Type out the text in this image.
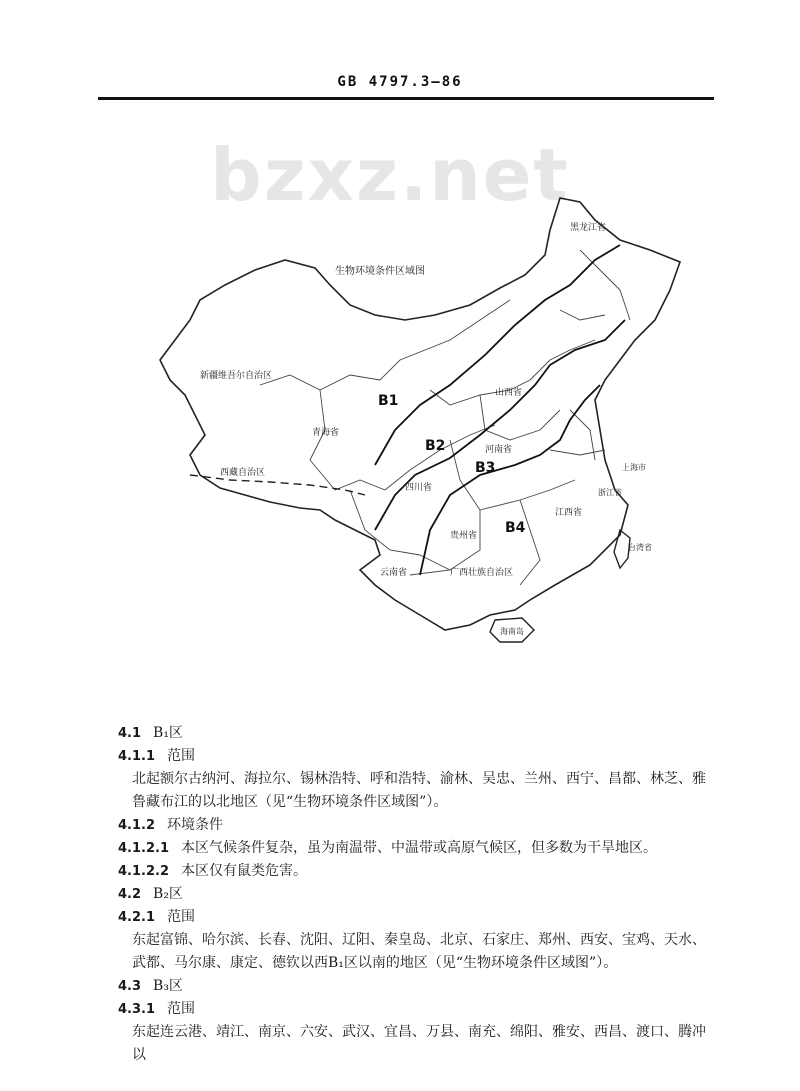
GB 4797.3—86
bzxz.net
生物环境条件区域图
新疆维吾尔自治区
西藏自治区
青海省
黑龙江省
四川省
云南省	广西壮族自治区
贵州省
山西省
河南省
江西省
海南岛
台湾省
浙江省
上海市
B1
B2
B3
B4
4.1 B₁区
4.1.1 范围
北起额尔古纳河、海拉尔、锡林浩特、呼和浩特、渝林、吴忠、兰州、西宁、昌都、林芝、雅鲁藏布江的以北地区（见“生物环境条件区域图”）。
4.1.2 环境条件
4.1.2.1 本区气候条件复杂，虽为南温带、中温带或高原气候区，但多数为干旱地区。
4.1.2.2 本区仅有鼠类危害。
4.2 B₂区
4.2.1 范围
东起富锦、哈尔滨、长春、沈阳、辽阳、秦皇岛、北京、石家庄、郑州、西安、宝鸡、天水、武都、马尔康、康定、德钦以西B₁区以南的地区（见“生物环境条件区域图”）。
4.3 B₃区
4.3.1 范围
东起连云港、靖江、南京、六安、武汉、宜昌、万县、南充、绵阳、雅安、西昌、渡口、腾冲以
